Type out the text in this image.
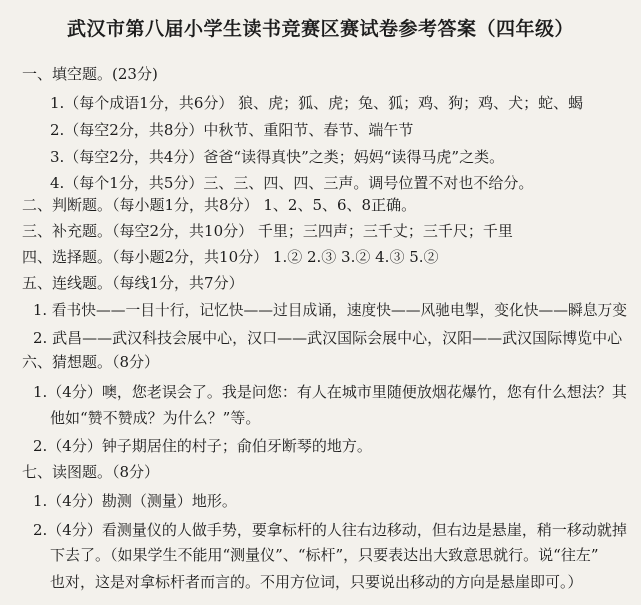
武汉市第八届小学生读书竞赛区赛试卷参考答案（四年级）
一、填空题。(23分)
1.（每个成语1分，共6分） 狼、虎；狐、虎；兔、狐；鸡、狗；鸡、犬；蛇、蝎
2.（每空2分，共8分）中秋节、重阳节、春节、端午节
3.（每空2分，共4分）爸爸“读得真快”之类；妈妈“读得马虎”之类。
4.（每个1分，共5分）三、三、四、四、三声。调号位置不对也不给分。
二、判断题。（每小题1分，共8分） 1、2、5、6、8正确。
三、补充题。（每空2分，共10分） 千里；三四声；三千丈；三千尺；千里
四、选择题。（每小题2分，共10分） 1.② 2.③ 3.② 4.③ 5.②
五、连线题。（每线1分，共7分）
1. 看书快——一目十行，记忆快——过目成诵，速度快——风驰电掣，变化快——瞬息万变
2. 武昌——武汉科技会展中心，汉口——武汉国际会展中心，汉阳——武汉国际博览中心
六、猜想题。（8分）
1.（4分）噢，您老误会了。我是问您：有人在城市里随便放烟花爆竹，您有什么想法？其
他如“赞不赞成？为什么？”等。
2.（4分）钟子期居住的村子；俞伯牙断琴的地方。
七、读图题。（8分）
1.（4分）勘测（测量）地形。
2.（4分）看测量仪的人做手势，要拿标杆的人往右边移动，但右边是悬崖，稍一移动就掉
下去了。（如果学生不能用“测量仪”、“标杆”，只要表达出大致意思就行。说“往左”
也对，这是对拿标杆者而言的。不用方位词，只要说出移动的方向是悬崖即可。）
